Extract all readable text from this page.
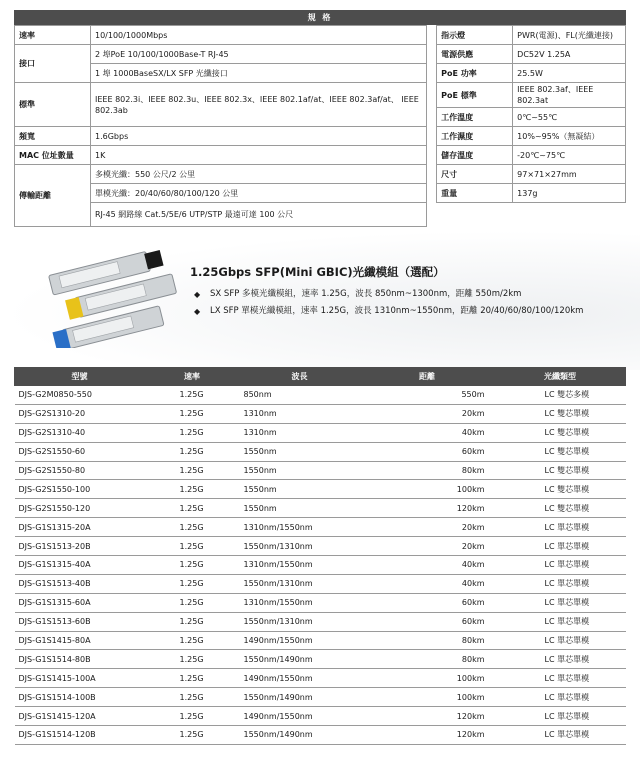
規 格
速率	10/100/1000Mbps		指示燈	PWR(電源)、FL(光纖連接)
接口	2 埠PoE 10/100/1000Base-T RJ-45		電源供應	DC52V 1.25A
	1 埠 1000BaseSX/LX SFP 光纖接口		PoE 功率	25.5W
標準	IEEE 802.3i、IEEE 802.3u、IEEE 802.3x、IEEE 802.1af/at、IEEE 802.3af/at、 IEEE 802.3ab		PoE 標準	IEEE 802.3af、IEEE 802.3at
			工作溫度	0℃~55℃
頻寬	1.6Gbps		工作濕度	10%~95%（無凝結）
MAC 位址數量	1K		儲存溫度	-20℃~75℃
傳輸距離	多模光纖：550 公尺/2 公里		尺寸	97×71×27mm
	單模光纖：20/40/60/80/100/120 公里		重量	137g
	RJ-45 網路線 Cat.5/5E/6 UTP/STP 最遠可達 100 公尺			
1.25Gbps SFP(Mini GBIC)光纖模組（選配）
◆ SX SFP 多模光纖模組，速率 1.25G，波長 850nm~1300nm，距離 550m/2km
◆ LX SFP 單模光纖模組，速率 1.25G，波長 1310nm~1550nm，距離 20/40/60/80/100/120km
型號	速率	波長	距離	光纖類型
DJS-G2M0850-550	1.25G	850nm	550m	LC 雙芯多模
DJS-G2S1310-20	1.25G	1310nm	20km	LC 雙芯單模
DJS-G2S1310-40	1.25G	1310nm	40km	LC 雙芯單模
DJS-G2S1550-60	1.25G	1550nm	60km	LC 雙芯單模
DJS-G2S1550-80	1.25G	1550nm	80km	LC 雙芯單模
DJS-G2S1550-100	1.25G	1550nm	100km	LC 雙芯單模
DJS-G2S1550-120	1.25G	1550nm	120km	LC 雙芯單模
DJS-G1S1315-20A	1.25G	1310nm/1550nm	20km	LC 單芯單模
DJS-G1S1513-20B	1.25G	1550nm/1310nm	20km	LC 單芯單模
DJS-G1S1315-40A	1.25G	1310nm/1550nm	40km	LC 單芯單模
DJS-G1S1513-40B	1.25G	1550nm/1310nm	40km	LC 單芯單模
DJS-G1S1315-60A	1.25G	1310nm/1550nm	60km	LC 單芯單模
DJS-G1S1513-60B	1.25G	1550nm/1310nm	60km	LC 單芯單模
DJS-G1S1415-80A	1.25G	1490nm/1550nm	80km	LC 單芯單模
DJS-G1S1514-80B	1.25G	1550nm/1490nm	80km	LC 單芯單模
DJS-G1S1415-100A	1.25G	1490nm/1550nm	100km	LC 單芯單模
DJS-G1S1514-100B	1.25G	1550nm/1490nm	100km	LC 單芯單模
DJS-G1S1415-120A	1.25G	1490nm/1550nm	120km	LC 單芯單模
DJS-G1S1514-120B	1.25G	1550nm/1490nm	120km	LC 單芯單模
